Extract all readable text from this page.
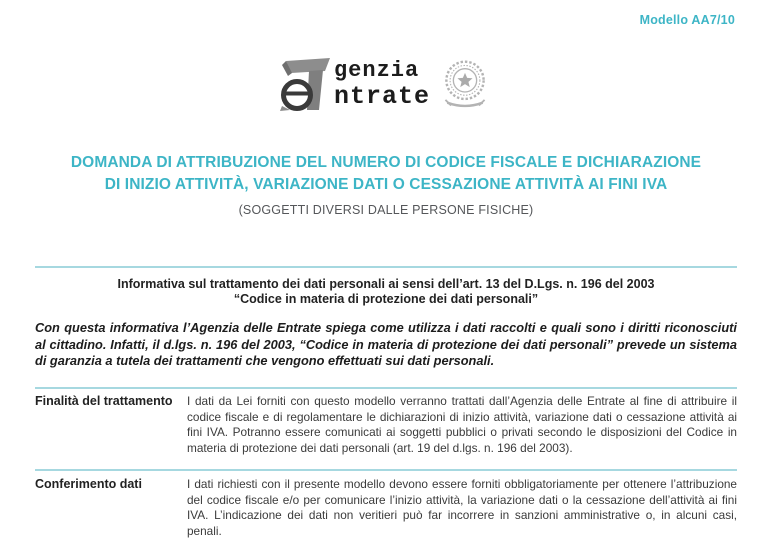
Modello AA7/10
genzia
ntrate
DOMANDA DI ATTRIBUZIONE DEL NUMERO DI CODICE FISCALE E DICHIARAZIONE
DI INIZIO ATTIVITÀ, VARIAZIONE DATI O CESSAZIONE ATTIVITÀ AI FINI IVA
(SOGGETTI DIVERSI DALLE PERSONE FISICHE)
Informativa sul trattamento dei dati personali ai sensi dell’art. 13 del D.Lgs. n. 196 del 2003
“Codice in materia di protezione dei dati personali”

Con questa informativa l’Agenzia delle Entrate spiega come utilizza i dati raccolti e quali sono i diritti riconosciuti al cittadino. Infatti, il d.lgs. n. 196 del 2003, “Codice in materia di protezione dei dati personali” prevede un sistema di garanzia a tutela dei trattamenti che vengono effettuati sui dati personali.

Finalità del trattamento	I dati da Lei forniti con questo modello verranno trattati dall’Agenzia delle Entrate al fine di attribuire il codice fiscale e di regolamentare le dichiarazioni di inizio attività, variazione dati o cessazione attività ai fini IVA. Potranno essere comunicati ai soggetti pubblici o privati secondo le disposizioni del Codice in materia di protezione dei dati personali (art. 19 del d.lgs. n. 196 del 2003).
Conferimento dati	I dati richiesti con il presente modello devono essere forniti obbligatoriamente per ottenere l’attribuzione del codice fiscale e/o per comunicare l’inizio attività, la variazione dati o la cessazione dell’attività ai fini IVA. L’indicazione dei dati non veritieri può far incorrere in sanzioni amministrative o, in alcuni casi, penali.
